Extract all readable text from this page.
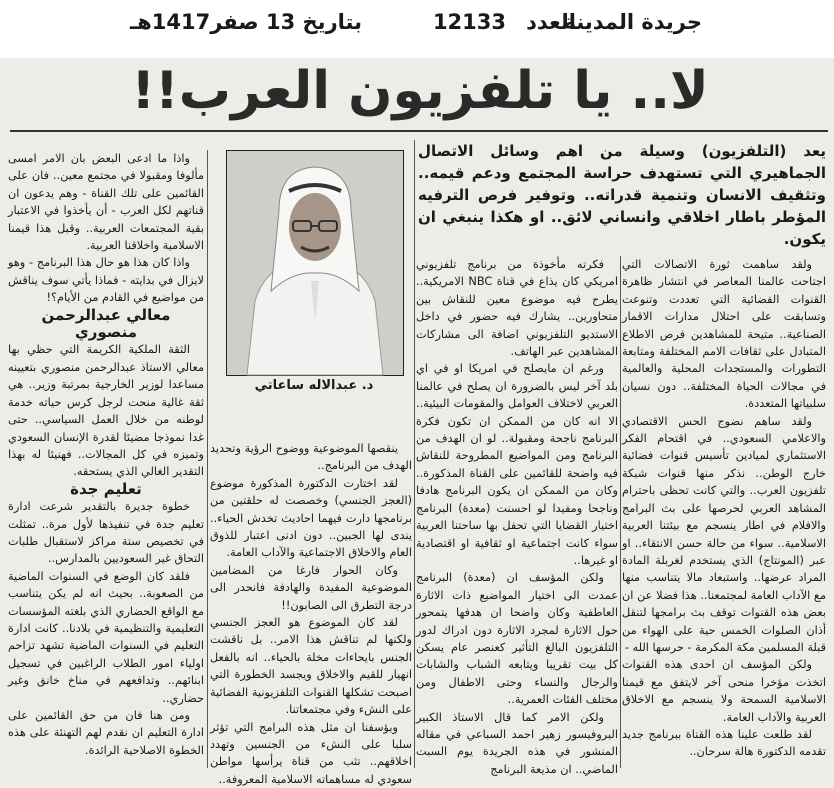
جريدة المدينة
العدد
12133
بتاريخ 13 صفر1417هـ
لا.. يا تلفزيون العرب!!
يعد (التلفزيون) وسيلة من اهم وسائل الاتصال الجماهيري التي تستهدف حراسة المجتمع ودعم قيمه.. وتثقيف الانسان وتنمية قدراته.. وتوفير فرص الترفيه المؤطر باطار اخلاقي وانساني لائق.. او هكذا ينبغي ان يكون.

ولقد ساهمت ثورة الاتصالات التي اجتاحت عالمنا المعاصر في انتشار ظاهرة القنوات الفضائية التي تعددت وتنوعت وتسابقت على احتلال مدارات الاقمار الصناعية.. متيحة للمشاهدين فرص الاطلاع المتبادل على ثقافات الامم المختلفة ومتابعة التطورات والمستجدات المحلية والعالمية في مجالات الحياة المختلفة.. دون نسيان سلبياتها المتعددة.

ولقد ساهم نضوج الحس الاقتصادي والاعلامي السعودي.. في اقتحام الفكر الاستثماري لميادين تأسيس قنوات فضائية خارج الوطن.. نذكر منها قنوات شبكة تلفزيون العرب.. والتي كانت تحظى باحترام المشاهد العربي لحرصها على بث البرامج والافلام في اطار ينسجم مع بيئتنا العربية الاسلامية.. سواء من حالة حسن الانتقاء.. او عبر (المونتاج) الذي يستخدم لغربلة المادة المراد عرضها.. واستبعاد مالا يتناسب منها مع الآداب العامة لمجتمعنا.. هذا فضلا عن ان بعض هذه القنوات توقف بث برامجها لتنقل أذان الصلوات الخمس حية على الهواء من قبلة المسلمين مكة المكرمة - حرسها الله -

ولكن المؤسف ان احدى هذه القنوات اتخذت مؤخرا منحى آخر لايتفق مع قيمنا الاسلامية السمحة ولا ينسجم مع الاخلاق العربية والآداب العامة.

لقد طلعت علينا هذه القناة ببرنامج جديد تقدمه الدكتورة هالة سرحان..

فكرته مأخوذة من برنامج تلفزيوني امريكي كان يذاع في قناة NBC الامريكية.. يطرح فيه موضوع معين للنقاش بين متحاورين.. يشارك فيه حضور في داخل الاستديو التلفزيوني اضافة الى مشاركات المشاهدين عبر الهاتف.

ورغم ان مايصلح في امريكا او في اي بلد آخر ليس بالضرورة ان يصلح في عالمنا العربي لاختلاف العوامل والمقومات البيئية.. الا انه كان من الممكن ان تكون فكرة البرنامج ناجحة ومقبولة.. لو ان الهدف من البرنامج ومن المواضيع المطروحة للنقاش فيه واضحة للقائمين على القناة المذكورة.. وكان من الممكن ان يكون البرنامج هادفا وناجحا ومفيدا لو احسنت (معدة) البرنامج اختيار القضايا التي تحفل بها ساحتنا العربية سواء كانت اجتماعية او ثقافية او اقتصادية او غيرها..

ولكن المؤسف ان (معدة) البرنامج عمدت الى اختيار المواضيع ذات الاثارة العاطفية وكان واضحا ان هدفها يتمحور حول الاثارة لمجرد الاثارة دون ادراك لدور التلفزيون البالغ التأثير كعنصر عام يسكن كل بيت تقريبا ويتابعه الشباب والشابات والرجال والنساء وحتى الاطفال ومن مختلف الفئات العمرية..

ولكن الامر كما قال الاستاذ الكبير البروفيسور زهير احمد السباعي في مقاله المنشور في هذه الجريدة يوم السبت الماضي.. ان مذيعة البرنامج

د. عبدالاله ساعاتي

ينقصها الموضوعية ووضوح الرؤية وتحديد الهدف من البرنامج..

لقد اختارت الدكتورة المذكورة موضوع (العجز الجنسي) وخصصت له حلقتين من برنامجها دارت فيهما احاديث تخدش الحياء.. يندى لها الجبين.. دون ادنى اعتبار للذوق العام والاخلاق الاجتماعية والآداب العامة.

وكان الحوار فارغا من المضامين الموضوعية المفيدة والهادفة فانحدر الى درجة التطرق الى الصابون!!

لقد كان الموضوع هو العجز الجنسي ولكنها لم تناقش هذا الامر.. بل ناقشت الجنس بايحاءات مخلة بالحياء.. انه بالفعل انهيار للقيم والاخلاق ويجسد الخطورة التي اصبحت تشكلها القنوات التلفزيونية الفضائية على النشء وفي مجتمعاتنا.

ويؤسفنا ان مثل هذه البرامج التي تؤثر سلبا على النشء من الجنسين وتهدد اخلاقهم.. تثب من قناة يرأسها مواطن سعودي له مساهماته الاسلامية المعروفة..

واذا ما ادعى البعض بان الامر امسى مألوفا ومقبولا في مجتمع معين.. فان على القائمين على تلك القناة - وهم يدعون ان قناتهم لكل العرب - أن يأخذوا في الاعتبار بقية المجتمعات العربية.. وقبل هذا قيمنا الاسلامية واخلاقنا العربية.

واذا كان هذا هو حال هذا البرنامج - وهو لايزال في بدايته - فماذا يأتي سوف يناقش من مواضيع في القادم من الأيام؟!

معالي عبدالرحمن منصوري

الثقة الملكية الكريمة التي حظي بها معالي الاستاذ عبدالرحمن منصوري بتعيينه مساعدا لوزير الخارجية بمرتبة وزير.. هي ثقة غالية منحت لرجل كرس حياته خدمة لوطنه من خلال العمل السياسي.. حتى غدا نموذجا مضيئا لقدرة الإنسان السعودي وتميزه في كل المجالات.. فهنيئا له بهذا التقدير الغالي الذي يستحقه.

تعليم جدة

خطوة جديرة بالتقدير شرعت ادارة تعليم جدة في تنفيذها لأول مرة.. تمثلت في تخصيص ستة مراكز لاستقبال طلبات التحاق غير السعوديين بالمدارس..

فلقد كان الوضع في السنوات الماضية من الصعوبة.. بحيث انه لم يكن يتناسب مع الواقع الحضاري الذي بلغته المؤسسات التعليمية والتنظيمية في بلادنا.. كانت ادارة التعليم في السنوات الماضية تشهد تزاحم اولياء امور الطلاب الراغبين في تسجيل ابنائهم.. وتدافعهم في مناخ خانق وغير حضاري..

ومن هنا فان من حق القائمين على ادارة التعليم ان نقدم لهم التهنئة على هذه الخطوة الاصلاحية الرائدة.
